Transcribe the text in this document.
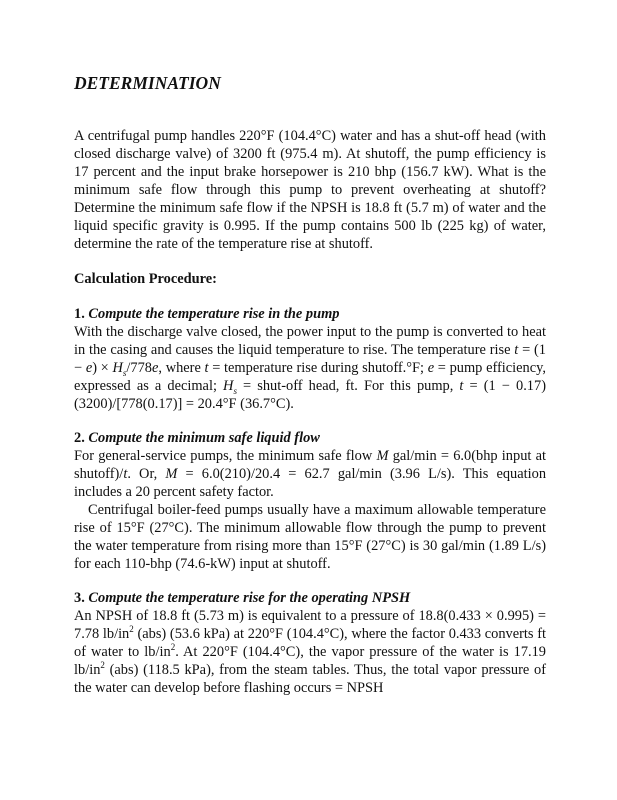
DETERMINATION

A centrifugal pump handles 220°F (104.4°C) water and has a shut-off head (with closed discharge valve) of 3200 ft (975.4 m). At shutoff, the pump efficiency is 17 percent and the input brake horsepower is 210 bhp (156.7 kW). What is the minimum safe flow through this pump to prevent overheating at shutoff? Determine the minimum safe flow if the NPSH is 18.8 ft (5.7 m) of water and the liquid specific gravity is 0.995. If the pump contains 500 lb (225 kg) of water, determine the rate of the temperature rise at shutoff.

Calculation Procedure:

1. Compute the temperature rise in the pump
With the discharge valve closed, the power input to the pump is converted to heat in the casing and causes the liquid temperature to rise. The temperature rise $t = (1 - e) \times H_s/778e$, where t = temperature rise during shutoff.°F; e = pump efficiency, expressed as a decimal; $H_s$ = shut-off head, ft. For this pump, t = (1 − 0.17)(3200)/[778(0.17)] = 20.4°F (36.7°C).

2. Compute the minimum safe liquid flow
For general-service pumps, the minimum safe flow M gal/min = 6.0(bhp input at shutoff)/t. Or, M = 6.0(210)/20.4 = 62.7 gal/min (3.96 L/s). This equation includes a 20 percent safety factor.

Centrifugal boiler-feed pumps usually have a maximum allowable temperature rise of 15°F (27°C). The minimum allowable flow through the pump to prevent the water temperature from rising more than 15°F (27°C) is 30 gal/min (1.89 L/s) for each 110-bhp (74.6-kW) input at shutoff.

3. Compute the temperature rise for the operating NPSH
An NPSH of 18.8 ft (5.73 m) is equivalent to a pressure of 18.8(0.433 × 0.995) = 7.78 $lb/in^2$ (abs) (53.6 kPa) at 220°F (104.4°C), where the factor 0.433 converts ft of water to $lb/in^2$. At 220°F (104.4°C), the vapor pressure of the water is 17.19 $lb/in^2$ (abs) (118.5 kPa), from the steam tables. Thus, the total vapor pressure of the water can develop before flashing occurs = NPSH
